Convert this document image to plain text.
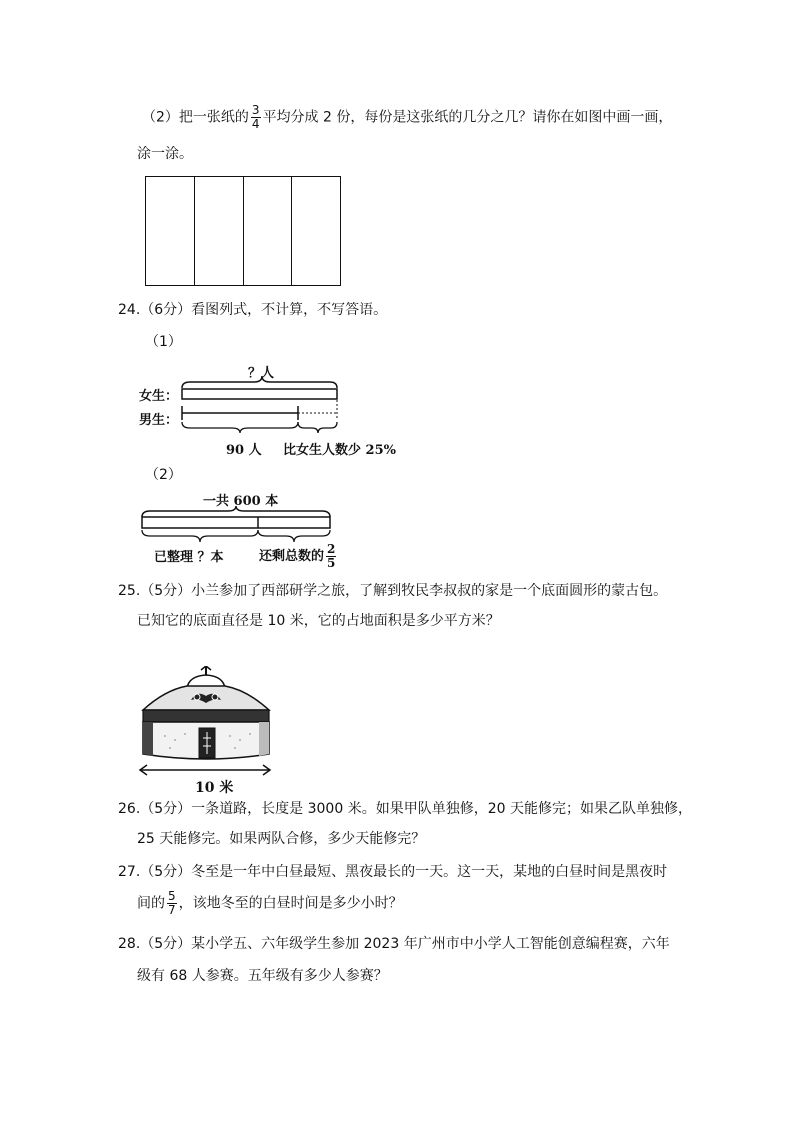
（2）把一张纸的 $\frac{3}{4}$ 平均分成 2 份，每份是这张纸的几分之几？请你在如图中画一画，
涂一涂。
24.（6分）看图列式，不计算，不写答语。
（1）
？人
女生：
男生：
90 人 比女生人数少 25%
（2）
一共 600 本
已整理 ？本	还剩总数的 $\frac{2}{5}$
25.（5分）小兰参加了西部研学之旅，了解到牧民李叔叔的家是一个底面圆形的蒙古包。
已知它的底面直径是 10 米，它的占地面积是多少平方米？
10 米
26.（5分）一条道路，长度是 3000 米。如果甲队单独修，20 天能修完；如果乙队单独修，
25 天能修完。如果两队合修，多少天能修完？
27.（5分）冬至是一年中白昼最短、黑夜最长的一天。这一天，某地的白昼时间是黑夜时
间的 $\frac{5}{7}$ ，该地冬至的白昼时间是多少小时？
28.（5分）某小学五、六年级学生参加 2023 年广州市中小学人工智能创意编程赛，六年
级有 68 人参赛。五年级有多少人参赛？
